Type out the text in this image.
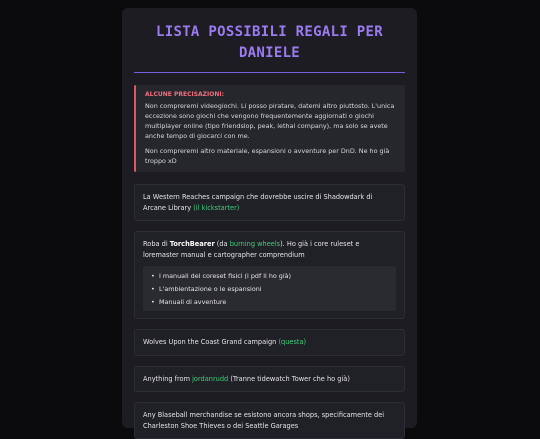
LISTA POSSIBILI REGALI PER DANIELE
ALCUNE PRECISAZIONI:

Non compreremi videogiochi. Li posso piratare, datemi altro piuttosto. L'unica eccezione sono giochi che vengono frequentemente aggiornati o giochi multiplayer online (tipo friendslop, peak, lethal company), ma solo se avete anche tempo di giocarci con me.

Non compreremi altro materiale, espansioni o avventure per DnD. Ne ho già troppo xD

La Western Reaches campaign che dovrebbe uscire di Shadowdark di Arcane Library (il kickstarter)
Roba di TorchBearer (da burning wheels). Ho già i core ruleset e loremaster manual e cartographer comprendium
• I manuali del coreset fisici (i pdf li ho già)
• L'ambientazione o le espansioni
• Manuali di avventure
Wolves Upon the Coast Grand campaign (questa)
Anything from jordanrudd (Tranne tidewatch Tower che ho già)
Any Blaseball merchandise se esistono ancora shops, specificamente dei Charleston Shoe Thieves o dei Seattle Garages
